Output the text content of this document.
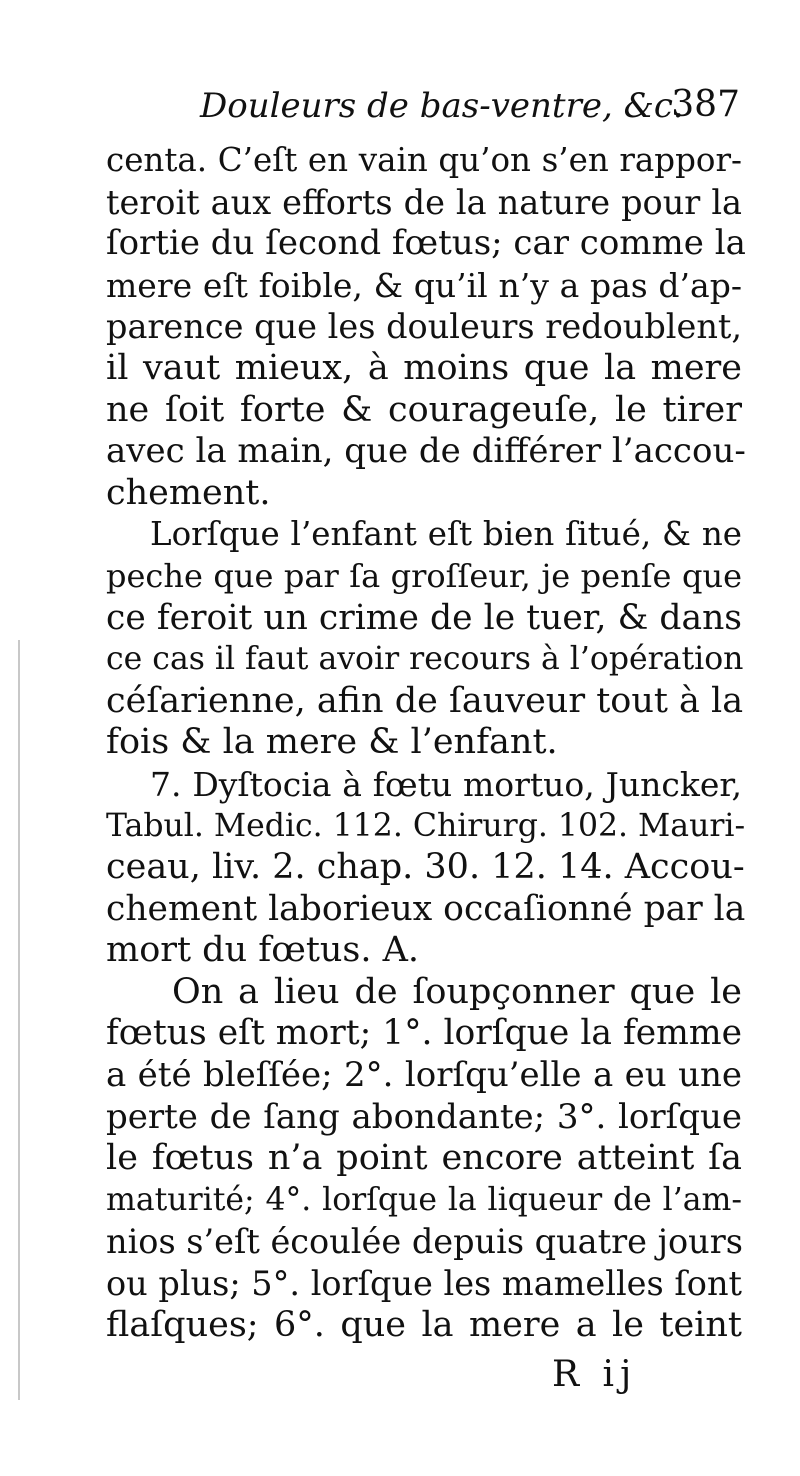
Douleurs de bas-ventre, &c.
387
centa. C’eſt en vain qu’on s’en rappor-
teroit aux efforts de la nature pour la
ſortie du ſecond fœtus; car comme la
mere eſt foible, & qu’il n’y a pas d’ap-
parence que les douleurs redoublent,
il vaut mieux, à moins que la mere
ne ſoit forte & courageuſe, le tirer
avec la main, que de différer l’accou-
chement.
Lorſque l’enfant eſt bien ſitué, & ne
peche que par ſa groſſeur, je penſe que
ce feroit un crime de le tuer, & dans
ce cas il faut avoir recours à l’opération
céſarienne, afin de ſauveur tout à la
fois & la mere & l’enfant.
7. Dyſtocia à fœtu mortuo, Juncker,
Tabul. Medic. 112. Chirurg. 102. Mauri-
ceau, liv. 2. chap. 30. 12. 14. Accou-
chement laborieux occaſionné par la
mort du fœtus. A.
On a lieu de ſoupçonner que le
fœtus eſt mort; 1°. lorſque la femme
a été bleſſée; 2°. lorſqu’elle a eu une
perte de ſang abondante; 3°. lorſque
le fœtus n’a point encore atteint ſa
maturité; 4°. lorſque la liqueur de l’am-
nios s’eſt écoulée depuis quatre jours
ou plus; 5°. lorſque les mamelles ſont
flaſques; 6°. que la mere a le teint
R ij
